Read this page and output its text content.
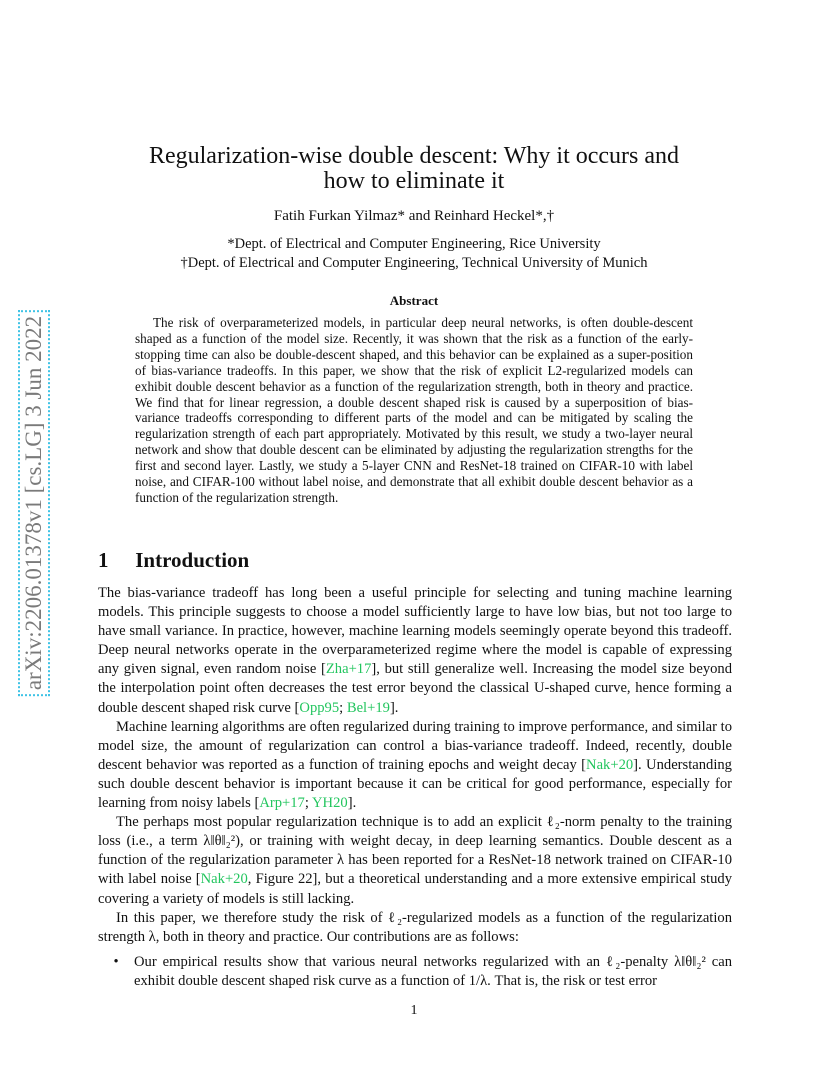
arXiv:2206.01378v1 [cs.LG] 3 Jun 2022
Regularization-wise double descent: Why it occurs and
how to eliminate it
Fatih Furkan Yilmaz* and Reinhard Heckel*,†
*Dept. of Electrical and Computer Engineering, Rice University
†Dept. of Electrical and Computer Engineering, Technical University of Munich
Abstract

The risk of overparameterized models, in particular deep neural networks, is often double-descent shaped as a function of the model size. Recently, it was shown that the risk as a function of the early-stopping time can also be double-descent shaped, and this behavior can be explained as a super-position of bias-variance tradeoffs. In this paper, we show that the risk of explicit L2-regularized models can exhibit double descent behavior as a function of the regularization strength, both in theory and practice. We find that for linear regression, a double descent shaped risk is caused by a superposition of bias-variance tradeoffs corresponding to different parts of the model and can be mitigated by scaling the regularization strength of each part appropriately. Motivated by this result, we study a two-layer neural network and show that double descent can be eliminated by adjusting the regularization strengths for the first and second layer. Lastly, we study a 5-layer CNN and ResNet-18 trained on CIFAR-10 with label noise, and CIFAR-100 without label noise, and demonstrate that all exhibit double descent behavior as a function of the regularization strength.

1 Introduction

The bias-variance tradeoff has long been a useful principle for selecting and tuning machine learning models. This principle suggests to choose a model sufficiently large to have low bias, but not too large to have small variance. In practice, however, machine learning models seemingly operate beyond this tradeoff. Deep neural networks operate in the overparameterized regime where the model is capable of expressing any given signal, even random noise [Zha+17], but still generalize well. Increasing the model size beyond the interpolation point often decreases the test error beyond the classical U-shaped curve, hence forming a double descent shaped risk curve [Opp95; Bel+19].

Machine learning algorithms are often regularized during training to improve performance, and similar to model size, the amount of regularization can control a bias-variance tradeoff. Indeed, recently, double descent behavior was reported as a function of training epochs and weight decay [Nak+20]. Understanding such double descent behavior is important because it can be critical for good performance, especially for learning from noisy labels [Arp+17; YH20].

The perhaps most popular regularization technique is to add an explicit ℓ₂-norm penalty to the training loss (i.e., a term λ‖θ‖₂²), or training with weight decay, in deep learning semantics. Double descent as a function of the regularization parameter λ has been reported for a ResNet-18 network trained on CIFAR-10 with label noise [Nak+20, Figure 22], but a theoretical understanding and a more extensive empirical study covering a variety of models is still lacking.

In this paper, we therefore study the risk of ℓ₂-regularized models as a function of the regularization strength λ, both in theory and practice. Our contributions are as follows:

•	Our empirical results show that various neural networks regularized with an ℓ₂-penalty λ‖θ‖₂² can exhibit double descent shaped risk curve as a function of 1/λ. That is, the risk or test error
1
